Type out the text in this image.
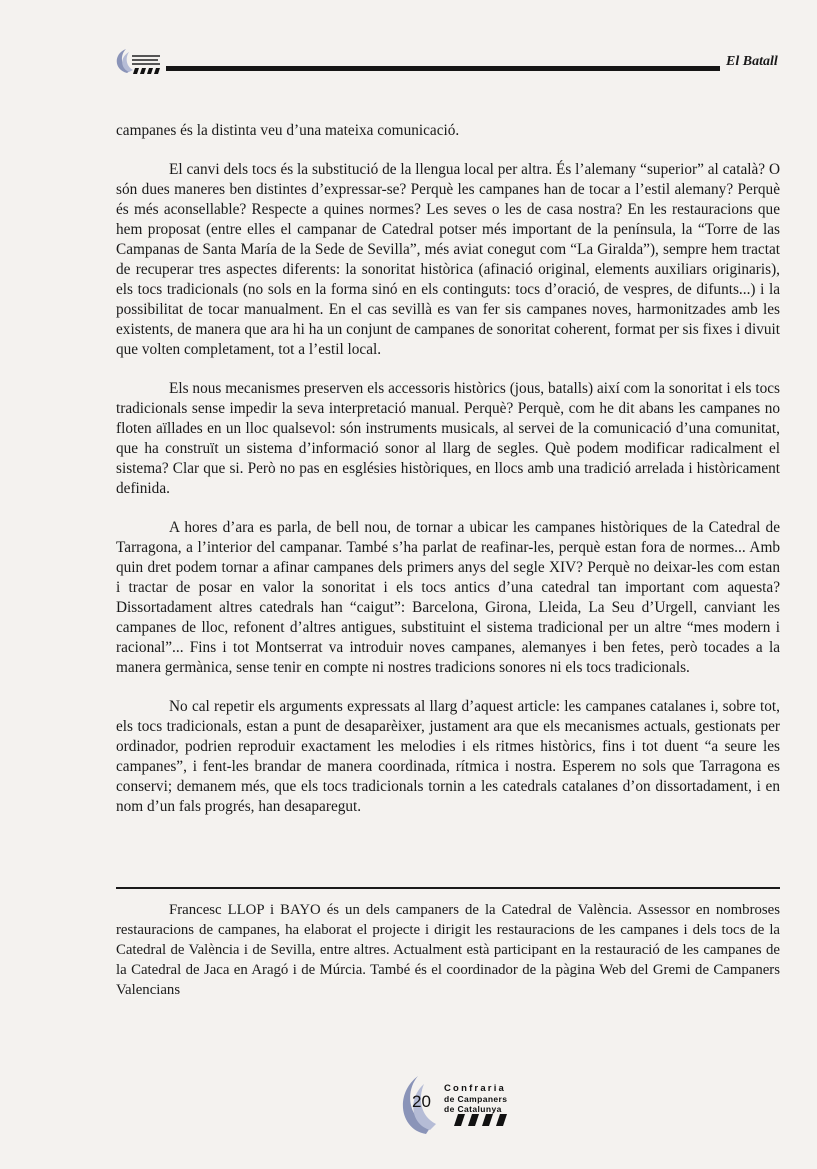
El Batall

campanes és la distinta veu d’una mateixa comunicació.

El canvi dels tocs és la substitució de la llengua local per altra. És l’alemany “superior” al català? O són dues maneres ben distintes d’expressar-se? Perquè les campanes han de tocar a l’estil alemany? Perquè és més aconsellable? Respecte a quines normes? Les seves o les de casa nostra? En les restauracions que hem proposat (entre elles el campanar de Catedral potser més important de la península, la “Torre de las Campanas de Santa María de la Sede de Sevilla”, més aviat conegut com “La Giralda”), sempre hem tractat de recuperar tres aspectes diferents: la sonoritat històrica (afinació original, elements auxiliars originaris), els tocs tradicionals (no sols en la forma sinó en els continguts: tocs d’oració, de vespres, de difunts...) i la possibilitat de tocar manualment. En el cas sevillà es van fer sis campanes noves, harmonitzades amb les existents, de manera que ara hi ha un conjunt de campanes de sonoritat coherent, format per sis fixes i divuit que volten completament, tot a l’estil local.

Els nous mecanismes preserven els accessoris històrics (jous, batalls) així com la sonoritat i els tocs tradicionals sense impedir la seva interpretació manual. Perquè? Perquè, com he dit abans les campanes no floten aïllades en un lloc qualsevol: són instruments musicals, al servei de la comunicació d’una comunitat, que ha construït un sistema d’informació sonor al llarg de segles. Què podem modificar radicalment el sistema? Clar que si. Però no pas en esglésies històriques, en llocs amb una tradició arrelada i històricament definida.

A hores d’ara es parla, de bell nou, de tornar a ubicar les campanes històriques de la Catedral de Tarragona, a l’interior del campanar. També s’ha parlat de reafinar-les, perquè estan fora de normes... Amb quin dret podem tornar a afinar campanes dels primers anys del segle XIV? Perquè no deixar-les com estan i tractar de posar en valor la sonoritat i els tocs antics d’una catedral tan important com aquesta? Dissortadament altres catedrals han “caigut”: Barcelona, Girona, Lleida, La Seu d’Urgell, canviant les campanes de lloc, refonent d’altres antigues, substituint el sistema tradicional per un altre “mes modern i racional”... Fins i tot Montserrat va introduir noves campanes, alemanyes i ben fetes, però tocades a la manera germànica, sense tenir en compte ni nostres tradicions sonores ni els tocs tradicionals.

No cal repetir els arguments expressats al llarg d’aquest article: les campanes catalanes i, sobre tot, els tocs tradicionals, estan a punt de desaparèixer, justament ara que els mecanismes actuals, gestionats per ordinador, podrien reproduir exactament les melodies i els ritmes històrics, fins i tot duent “a seure les campanes”, i fent-les brandar de manera coordinada, rítmica i nostra. Esperem no sols que Tarragona es conservi; demanem més, que els tocs tradicionals tornin a les catedrals catalanes d’on dissortadament, i en nom d’un fals progrés, han desaparegut.

Francesc LLOP i BAYO és un dels campaners de la Catedral de València. Assessor en nombroses restauracions de campanes, ha elaborat el projecte i dirigit les restauracions de les campanes i dels tocs de la Catedral de València i de Sevilla, entre altres. Actualment està participant en la restauració de les campanes de la Catedral de Jaca en Aragó i de Múrcia. També és el coordinador de la pàgina Web del Gremi de Campaners Valencians

20
Confraria
de Campaners
de Catalunya
